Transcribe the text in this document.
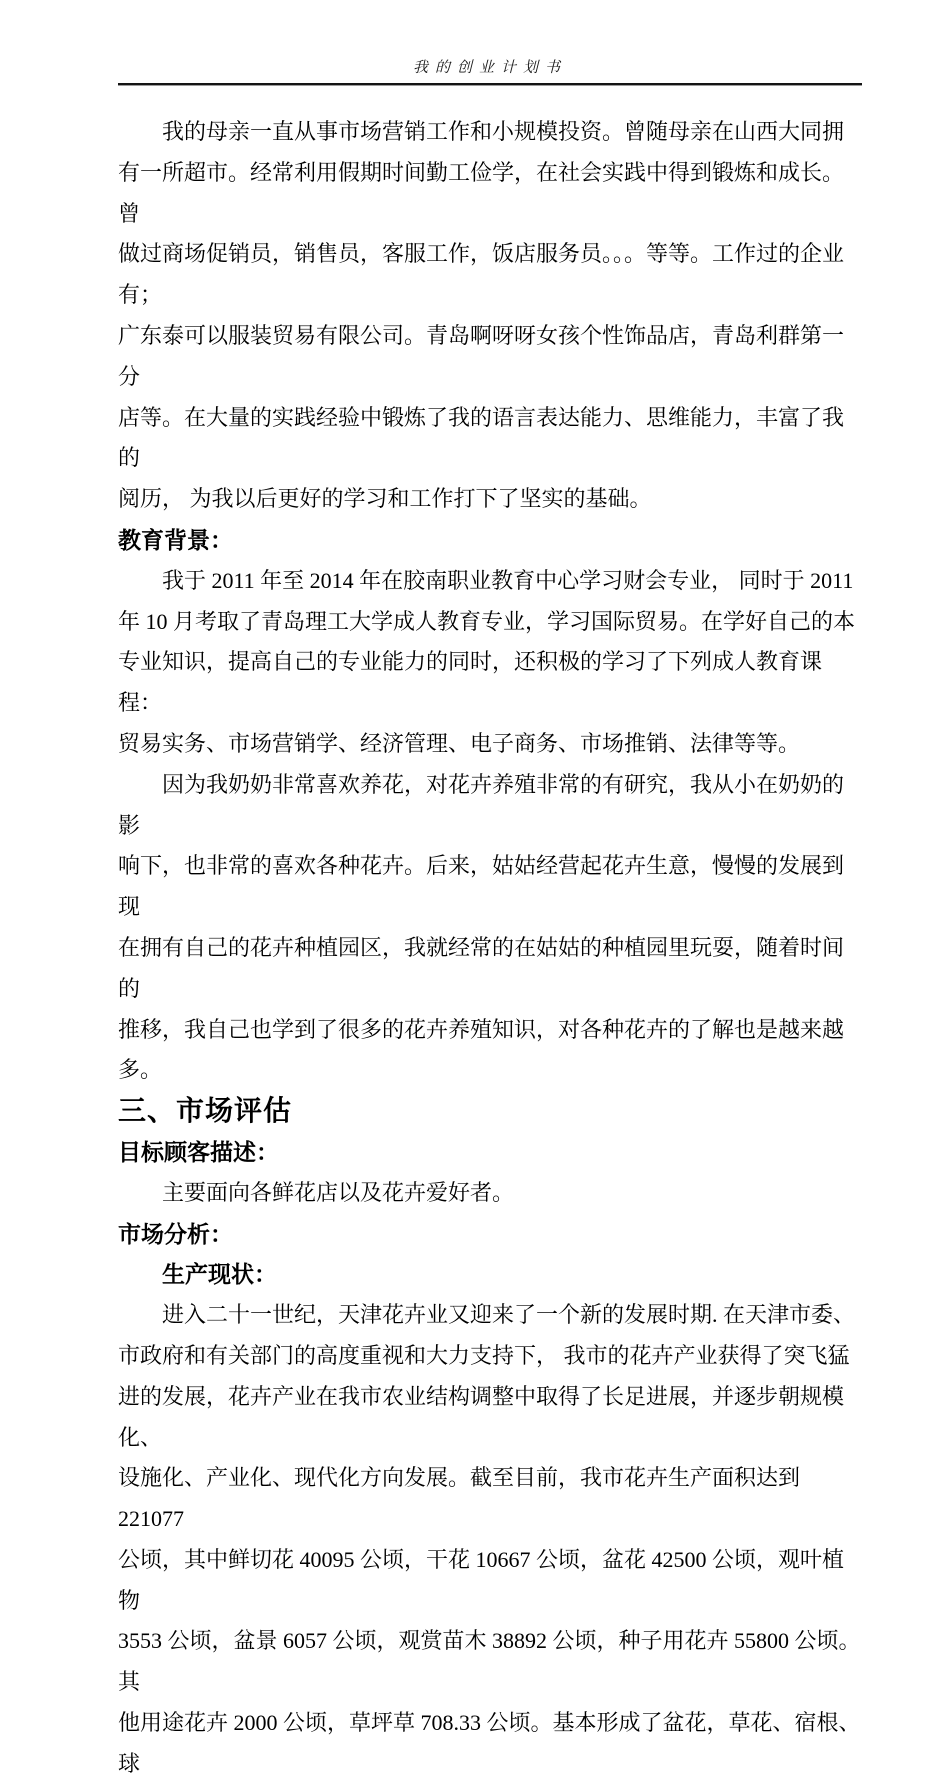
我的创业计划书

我的母亲一直从事市场营销工作和小规模投资。曾随母亲在山西大同拥
有一所超市。经常利用假期时间勤工俭学，在社会实践中得到锻炼和成长。曾
做过商场促销员，销售员，客服工作，饭店服务员。。。等等。工作过的企业有；
广东泰可以服装贸易有限公司。青岛啊呀呀女孩个性饰品店，青岛利群第一分
店等。在大量的实践经验中锻炼了我的语言表达能力、思维能力，丰富了我的
阅历， 为我以后更好的学习和工作打下了坚实的基础。

教育背景：

我于 2011 年至 2014 年在胶南职业教育中心学习财会专业， 同时于 2011
年 10 月考取了青岛理工大学成人教育专业，学习国际贸易。在学好自己的本
专业知识，提高自己的专业能力的同时，还积极的学习了下列成人教育课程：
贸易实务、市场营销学、经济管理、电子商务、市场推销、法律等等。

因为我奶奶非常喜欢养花，对花卉养殖非常的有研究，我从小在奶奶的影
响下，也非常的喜欢各种花卉。后来，姑姑经营起花卉生意，慢慢的发展到现
在拥有自己的花卉种植园区，我就经常的在姑姑的种植园里玩耍，随着时间的
推移，我自己也学到了很多的花卉养殖知识，对各种花卉的了解也是越来越多。

三、市场评估

目标顾客描述：

主要面向各鲜花店以及花卉爱好者。

市场分析：

生产现状：

进入二十一世纪，天津花卉业又迎来了一个新的发展时期. 在天津市委、
市政府和有关部门的高度重视和大力支持下， 我市的花卉产业获得了突飞猛
进的发展，花卉产业在我市农业结构调整中取得了长足进展，并逐步朝规模化、
设施化、产业化、现代化方向发展。截至目前，我市花卉生产面积达到 221077
公顷，其中鲜切花 40095 公顷，干花 10667 公顷，盆花 42500 公顷，观叶植物
3553 公顷，盆景 6057 公顷，观赏苗木 38892 公顷，种子用花卉 55800 公顷。其
他用途花卉 2000 公顷，草坪草 708.33 公顷。基本形成了盆花，草花、宿根、球
